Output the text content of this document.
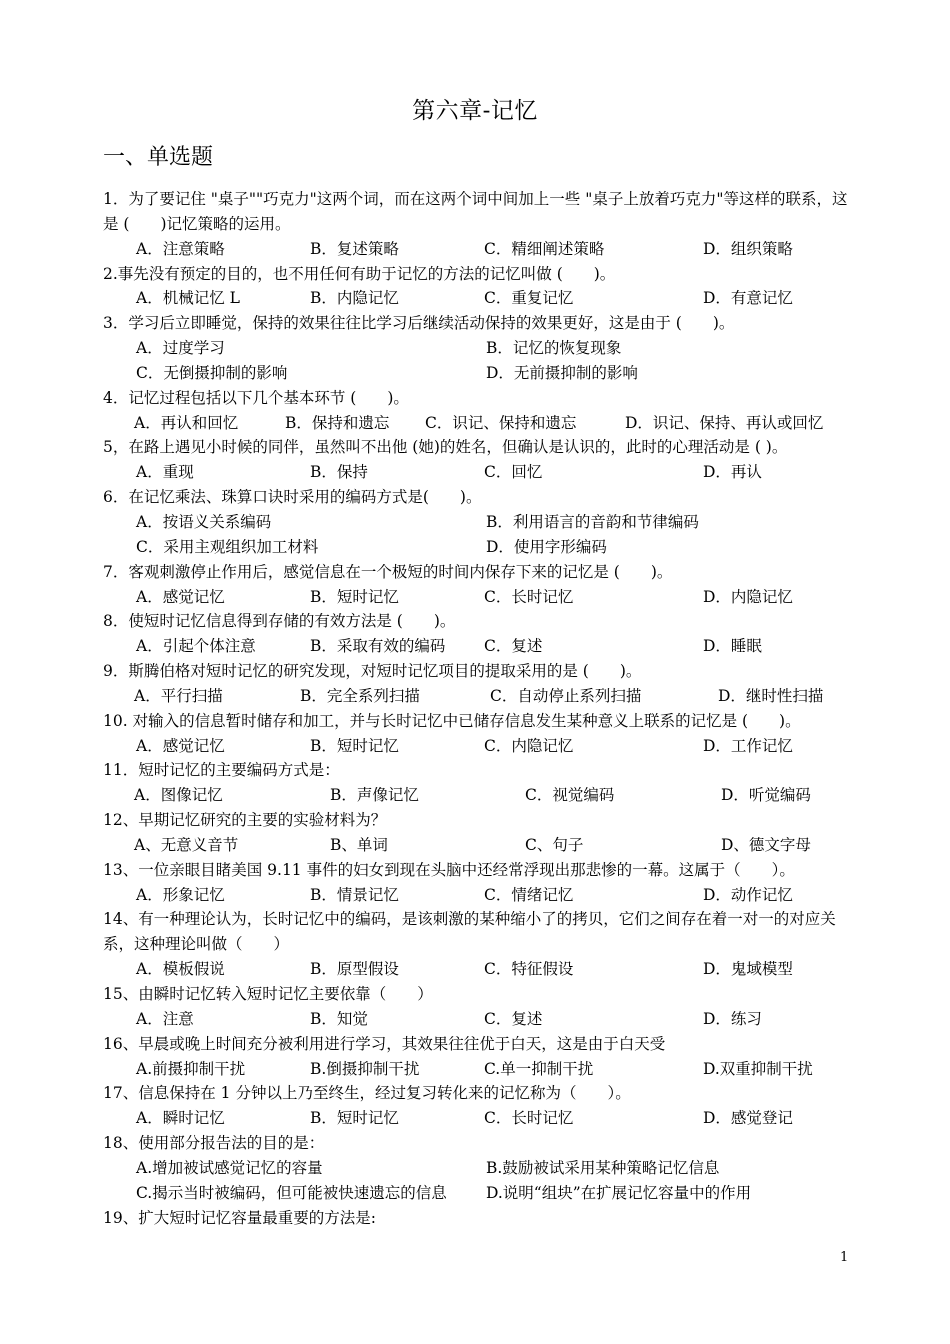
第六章-记忆
一、单选题
1．为了要记住 "桌子""巧克力"这两个词，而在这两个词中间加上一些 "桌子上放着巧克力"等这样的联系，这是 (　　)记忆策略的运用。
A．注意策略	B．复述策略	C．精细阐述策略	D．组织策略
2.事先没有预定的目的，也不用任何有助于记忆的方法的记忆叫做 (　　)。
A．机械记忆 L	B．内隐记忆	C．重复记忆	D．有意记忆
3．学习后立即睡觉，保持的效果往往比学习后继续活动保持的效果更好，这是由于 (　　)。
A．过度学习	B．记忆的恢复现象
C．无倒摄抑制的影响	D．无前摄抑制的影响
4．记忆过程包括以下几个基本环节 (　　)。
A．再认和回忆	B．保持和遗忘 C．识记、保持和遗忘	D．识记、保持、再认或回忆
5，在路上遇见小时候的同伴，虽然叫不出他 (她)的姓名，但确认是认识的，此时的心理活动是 ( )。
A．重现	B．保持	C．回忆	D．再认
6．在记忆乘法、珠算口诀时采用的编码方式是(　　)。
A．按语义关系编码	B．利用语言的音韵和节律编码
C．采用主观组织加工材料	D．使用字形编码
7．客观刺激停止作用后，感觉信息在一个极短的时间内保存下来的记忆是 (　　)。
A．感觉记忆	B．短时记忆	C．长时记忆	D．内隐记忆
8．使短时记忆信息得到存储的有效方法是 (　　)。
A．引起个体注意	B．采取有效的编码 C．复述	D．睡眠
9．斯腾伯格对短时记忆的研究发现，对短时记忆项目的提取采用的是 (　　)。
A．平行扫描	B．完全系列扫描	C．自动停止系列扫描	D．继时性扫描
10. 对输入的信息暂时储存和加工，并与长时记忆中已储存信息发生某种意义上联系的记忆是 (　　)。
A．感觉记忆	B．短时记忆	C．内隐记忆	D．工作记忆
11．短时记忆的主要编码方式是：
A．图像记忆	B．声像记忆	C．视觉编码	D．听觉编码
12、早期记忆研究的主要的实验材料为？
A、无意义音节	B、单词	C、句子	D、德文字母
13、一位亲眼目睹美国 9.11 事件的妇女到现在头脑中还经常浮现出那悲惨的一幕。这属于（　　）。
A．形象记忆	B．情景记忆	C．情绪记忆	D．动作记忆
14、有一种理论认为，长时记忆中的编码，是该刺激的某种缩小了的拷贝，它们之间存在着一对一的对应关系，这种理论叫做（　　）
A．模板假说	B．原型假设	C．特征假设	D．鬼域模型
15、由瞬时记忆转入短时记忆主要依靠（　　）
A．注意	B．知觉	C．复述	D．练习
16、早晨或晚上时间充分被利用进行学习，其效果往往优于白天，这是由于白天受
A.前摄抑制干扰	B.倒摄抑制干扰	C.单一抑制干扰	D.双重抑制干扰
17、信息保持在 1 分钟以上乃至终生，经过复习转化来的记忆称为（　　）。
A．瞬时记忆	B．短时记忆	C．长时记忆	D．感觉登记
18、使用部分报告法的目的是：
A.增加被试感觉记忆的容量	B.鼓励被试采用某种策略记忆信息
C.揭示当时被编码，但可能被快速遗忘的信息	D.说明“组块”在扩展记忆容量中的作用
19、扩大短时记忆容量最重要的方法是:
1
